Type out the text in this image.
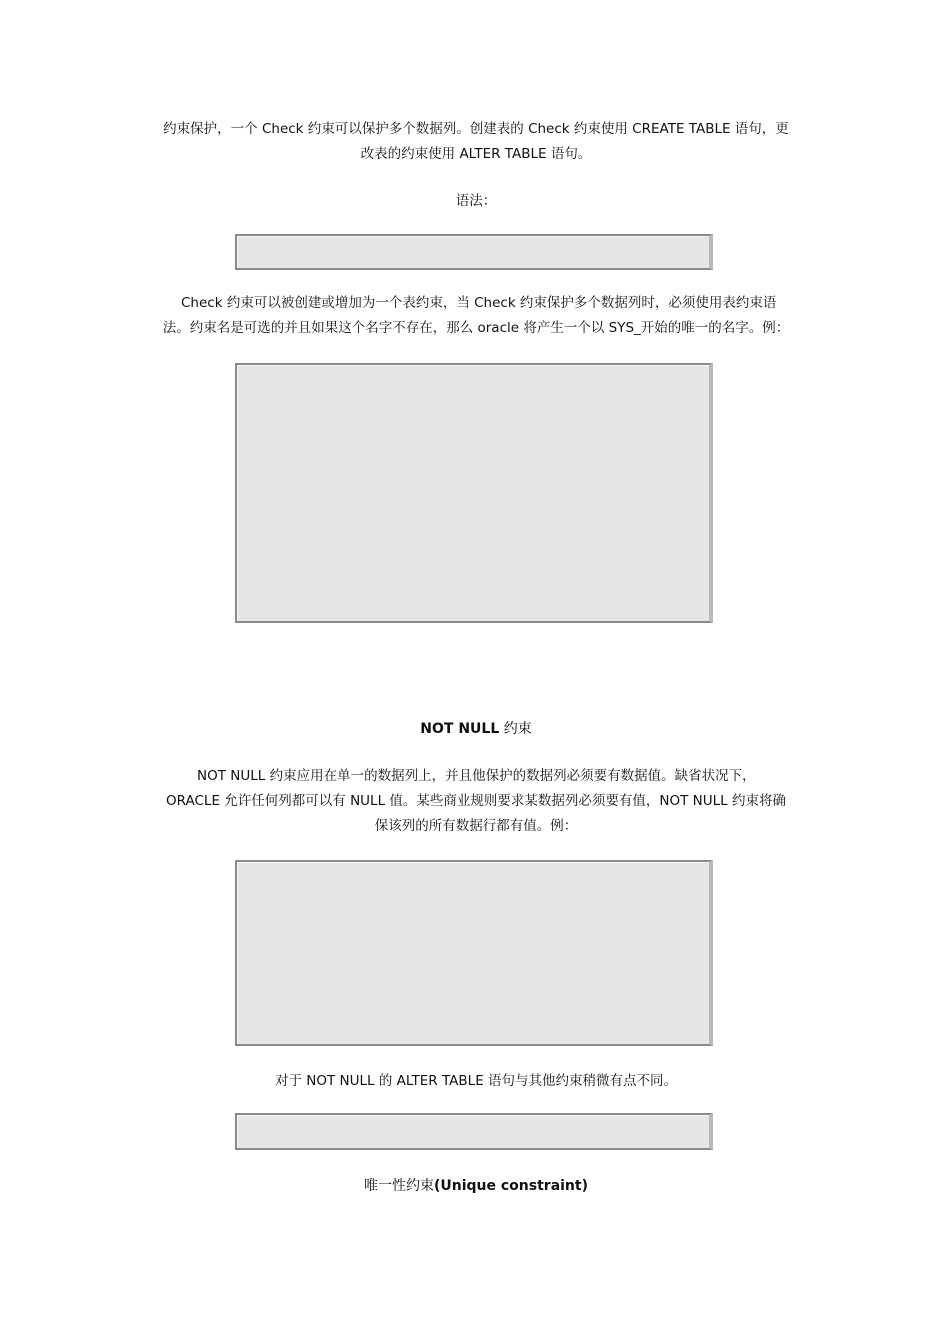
约束保护，一个 Check 约束可以保护多个数据列。创建表的 Check 约束使用 CREATE TABLE 语句，更
改表的约束使用 ALTER TABLE 语句。

语法：

Check 约束可以被创建或增加为一个表约束，当 Check 约束保护多个数据列时，必须使用表约束语
法。约束名是可选的并且如果这个名字不存在，那么 oracle 将产生一个以 SYS_开始的唯一的名字。例：

NOT NULL 约束

NOT NULL 约束应用在单一的数据列上，并且他保护的数据列必须要有数据值。缺省状况下，
ORACLE 允许任何列都可以有 NULL 值。某些商业规则要求某数据列必须要有值，NOT NULL 约束将确
保该列的所有数据行都有值。例：

对于 NOT NULL 的 ALTER TABLE 语句与其他约束稍微有点不同。

唯一性约束(Unique constraint)
